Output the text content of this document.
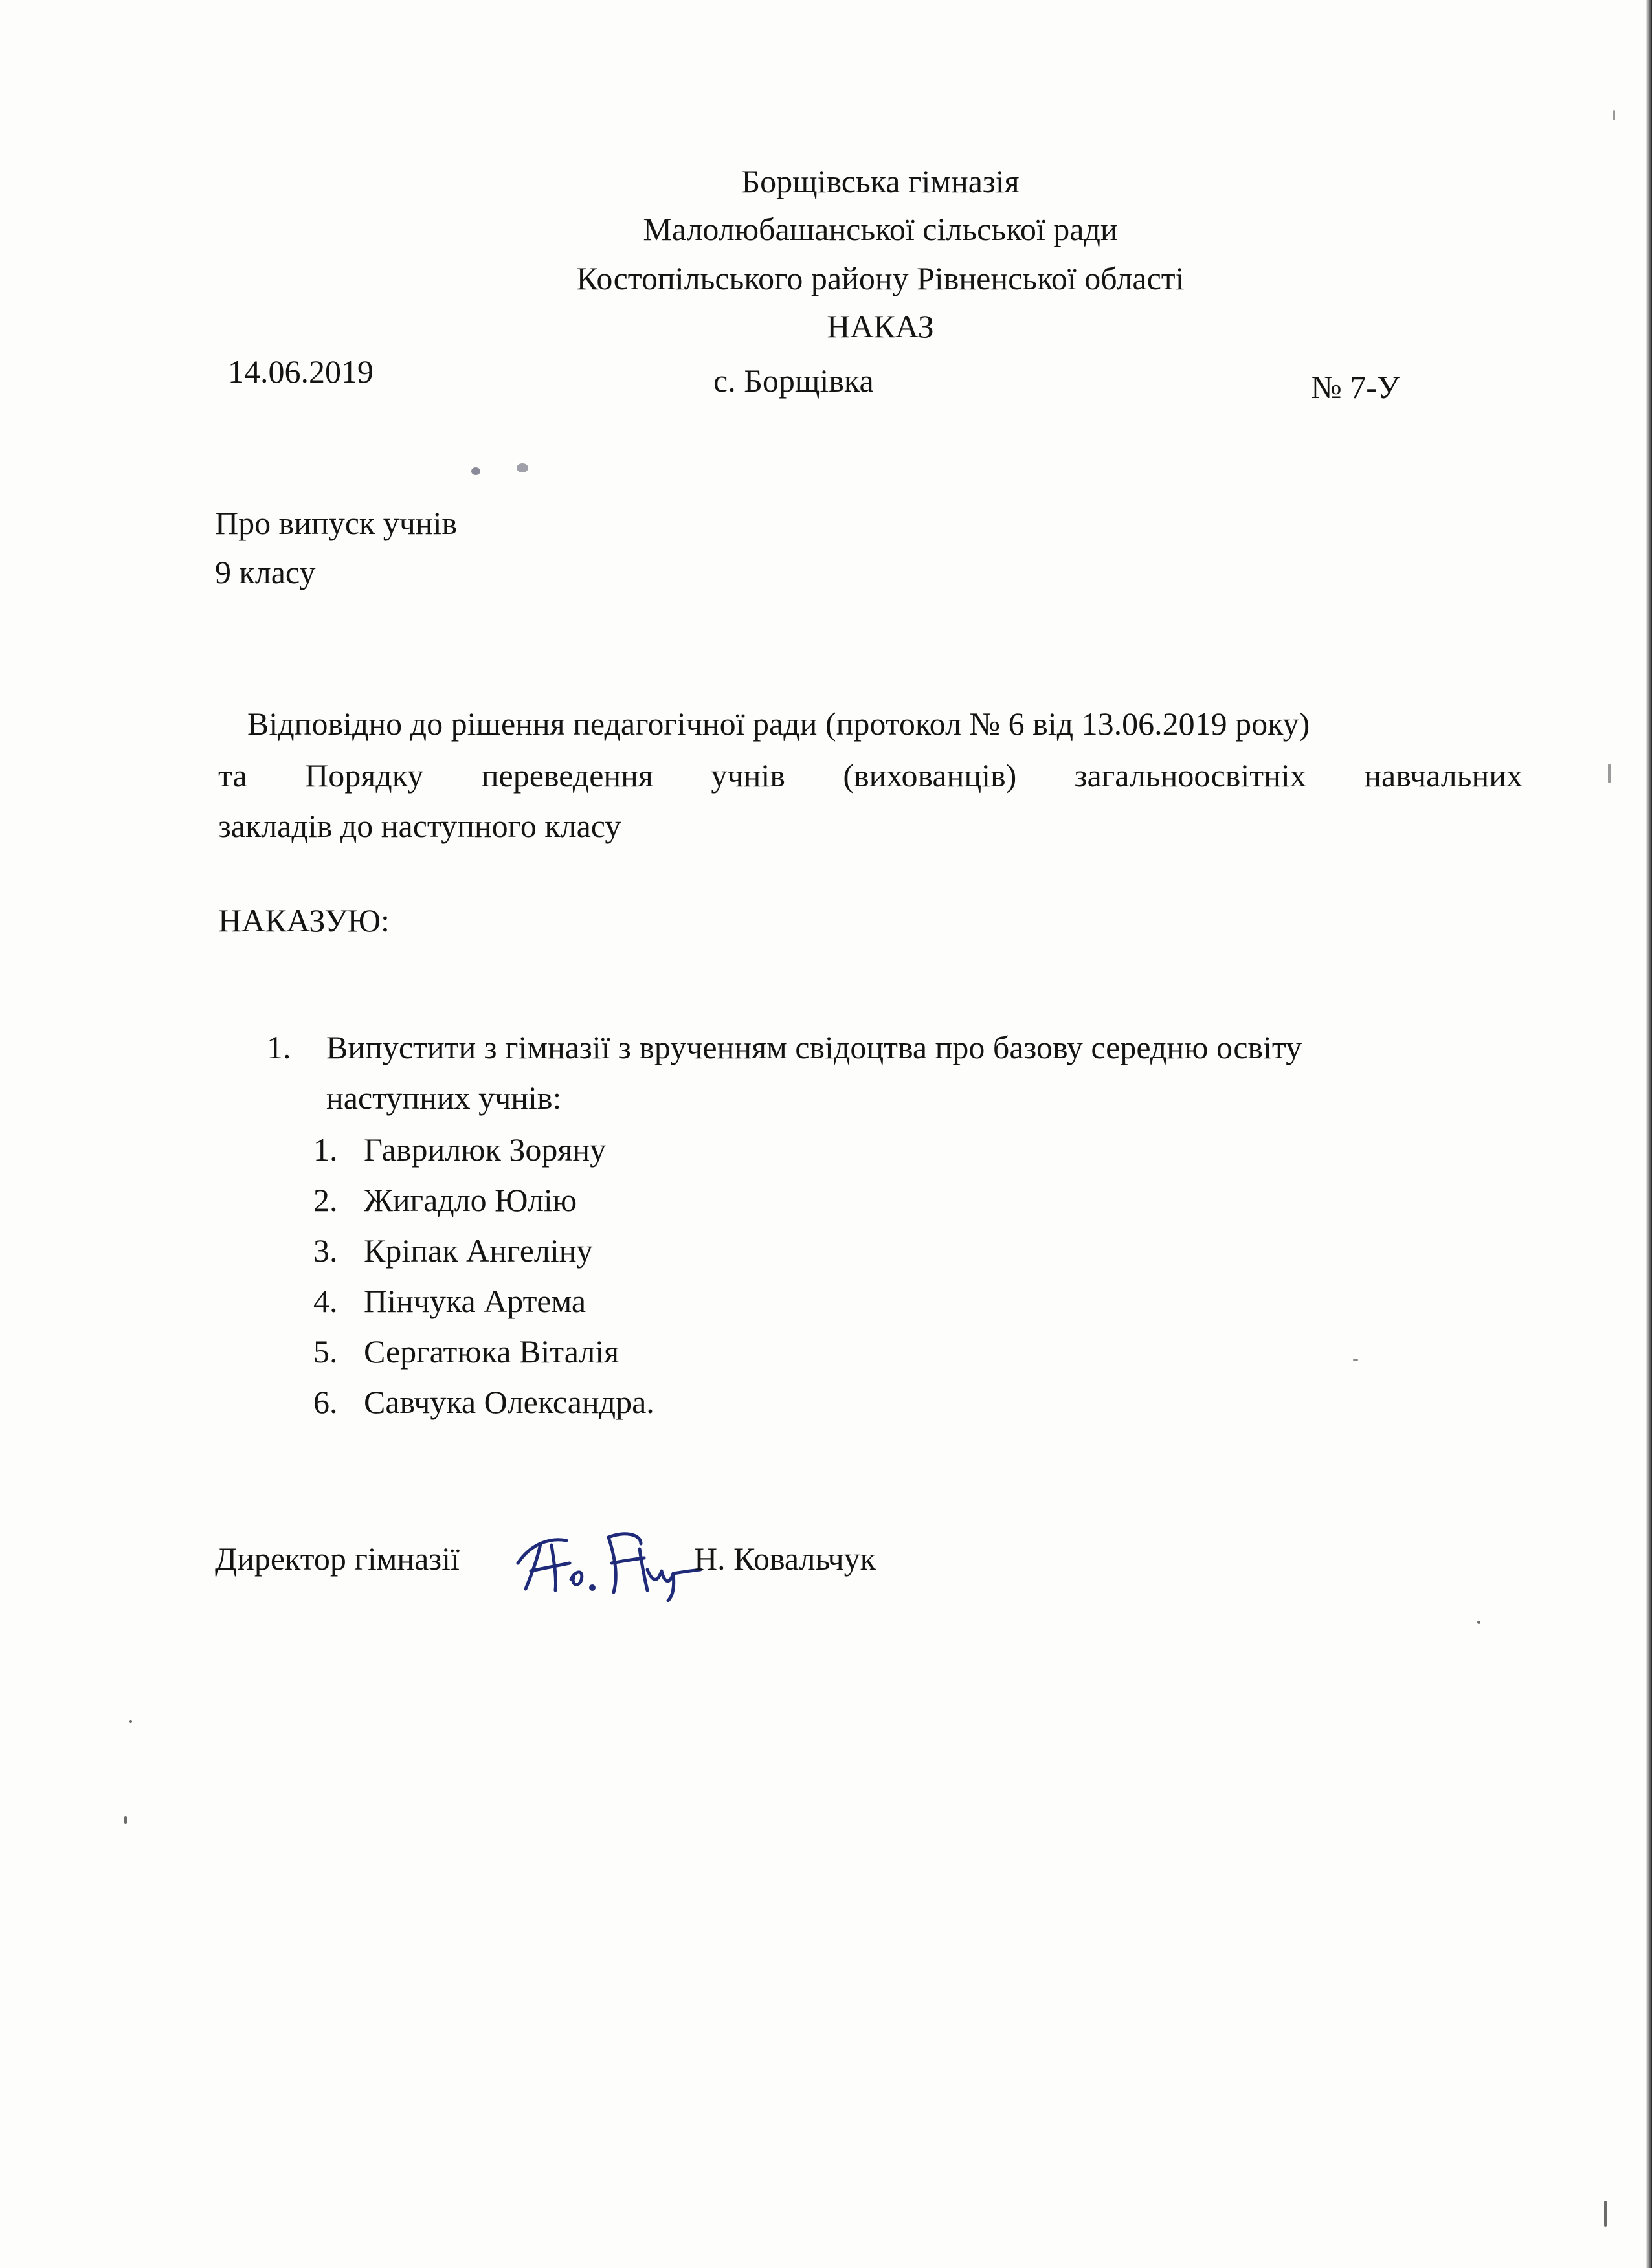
Борщівська гімназія
Малолюбашанської сільської ради
Костопільського району Рівненської області
НАКАЗ
14.06.2019	с. Борщівка	№ 7-У
Про випуск учнів
9 класу
Відповідно до рішення педагогічної ради (протокол № 6 від 13.06.2019 року)
та Порядку переведення учнів (вихованців) загальноосвітніх навчальних
закладів до наступного класу
НАКАЗУЮ:
1. Випустити з гімназії з врученням свідоцтва про базову середню освіту
наступних учнів:
1. Гаврилюк Зоряну
2. Жигадло Юлію
3. Кріпак Ангеліну
4. Пінчука Артема
5. Сергатюка Віталія
6. Савчука Олександра.
Директор гімназії	Н. Ковальчук
